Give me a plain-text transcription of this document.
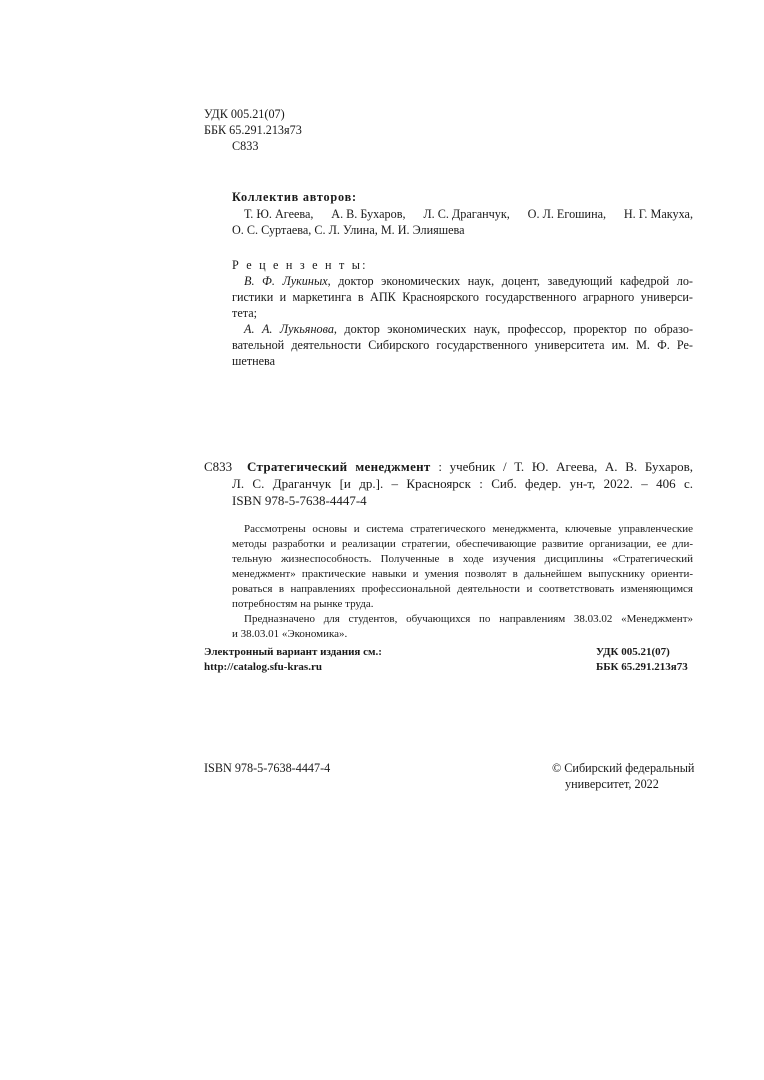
УДК 005.21(07)
ББК 65.291.213я73
С833
Коллектив авторов:
Т. Ю. Агеева, А. В. Бухаров, Л. С. Драганчук, О. Л. Егошина, Н. Г. Макуха,
О. С. Суртаева, С. Л. Улина, М. И. Элияшева
Р е ц е н з е н т ы:
В. Ф. Лукиных, доктор экономических наук, доцент, заведующий кафедрой ло-
гистики и маркетинга в АПК Красноярского государственного аграрного универси-
тета;
А. А. Лукьянова, доктор экономических наук, профессор, проректор по образо-
вательной деятельности Сибирского государственного университета им. М. Ф. Ре-
шетнева
С833 Стратегический менеджмент : учебник / Т. Ю. Агеева, А. В. Бухаров,
Л. С. Драганчук [и др.]. – Красноярск : Сиб. федер. ун-т, 2022. – 406 с.
ISBN 978-5-7638-4447-4
Рассмотрены основы и система стратегического менеджмента, ключевые управленческие
методы разработки и реализации стратегии, обеспечивающие развитие организации, ее дли-
тельную жизнеспособность. Полученные в ходе изучения дисциплины «Стратегический
менеджмент» практические навыки и умения позволят в дальнейшем выпускнику ориенти-
роваться в направлениях профессиональной деятельности и соответствовать изменяющимся
потребностям на рынке труда.
Предназначено для студентов, обучающихся по направлениям 38.03.02 «Менеджмент»
и 38.03.01 «Экономика».
Электронный вариант издания см.:
http://catalog.sfu-kras.ru
УДК 005.21(07)
ББК 65.291.213я73
ISBN 978-5-7638-4447-4	© Сибирский федеральный
университет, 2022
